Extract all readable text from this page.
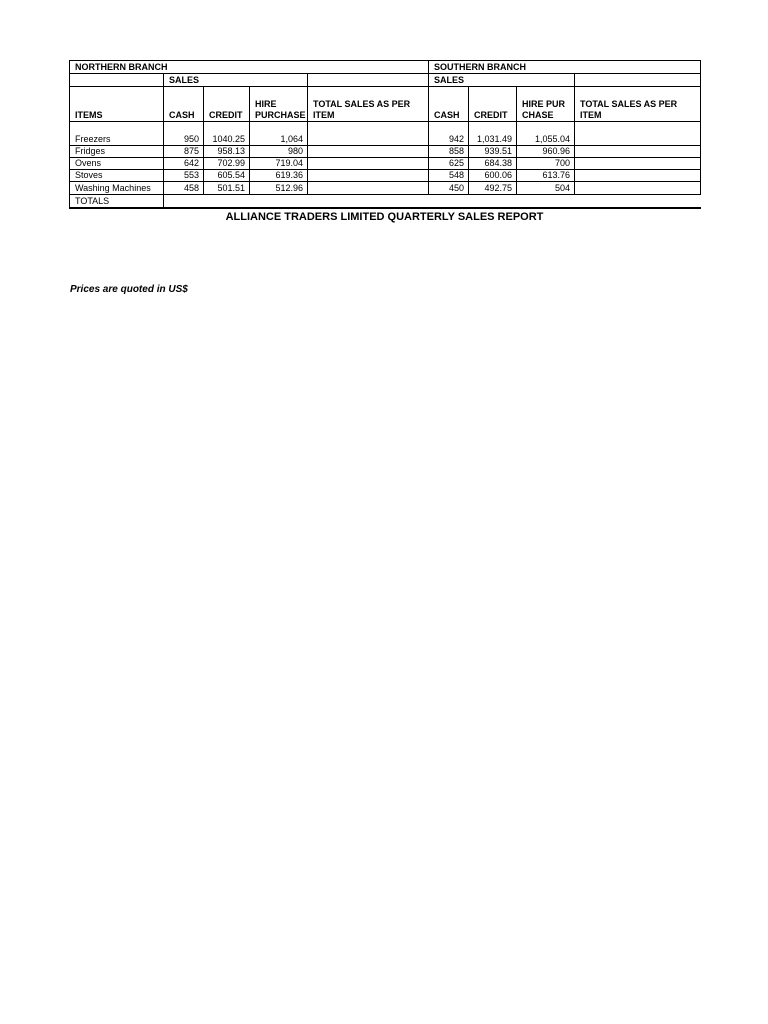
NORTHERN BRANCH					SOUTHERN BRANCH			
	SALES				SALES			
ITEMS	CASH	CREDIT	HIRE PURCHASE	TOTAL SALES AS PER ITEM	CASH	CREDIT	HIRE PURCHASE	TOTAL SALES AS PER ITEM
Freezers	950	1040.25	1,064		942	1,031.49	1,055.04	
Fridges	875	958.13	980		858	939.51	960.96	
Ovens	642	702.99	719.04		625	684.38	700	
Stoves	553	605.54	619.36		548	600.06	613.76	
Washing Machines	458	501.51	512.96		450	492.75	504	
TOTALS								
ALLIANCE TRADERS LIMITED QUARTERLY SALES REPORT
Prices are quoted in US$
